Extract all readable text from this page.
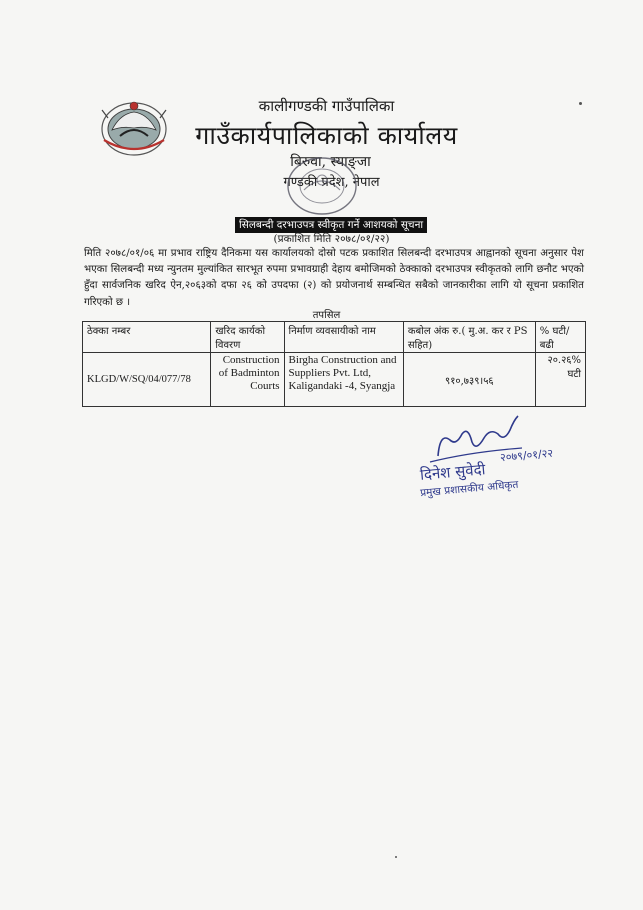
कालीगण्डकी गाउँपालिका
गाउँकार्यपालिकाको कार्यालय
बिरुवा, स्याङ्जा
गण्डकी प्रदेश, नेपाल
सिलबन्दी दरभाउपत्र स्वीकृत गर्ने आशयको सूचना
(प्रकाशित मिति २०७८/०१/२२)
मिति २०७८/०१/०६ मा प्रभाव राष्ट्रिय दैनिकमा यस कार्यालयको दोस्रो पटक प्रकाशित सिलबन्दी दरभाउपत्र आह्वानको सूचना अनुसार पेश भएका सिलबन्दी मध्य न्युनतम मुल्यांकित सारभूत रुपमा प्रभावग्राही देहाय बमोजिमको ठेक्काको दरभाउपत्र स्वीकृतको लागि छनौट भएको हुँदा सार्वजनिक खरिद ऐन,२०६३को दफा २६ को उपदफा (२) को प्रयोजनार्थ सम्बन्धित सबैको जानकारीका लागि यो सूचना प्रकाशित गरिएको छ ।
तपसिल
ठेक्का नम्बर	खरिद कार्यको विवरण	निर्माण व्यवसायीको नाम	कबोल अंक रु.( मु.अ. कर र PS सहित)	% घटी/बढी
KLGD/W/SQ/04/077/78	Construction of Badminton Courts	Birgha Construction and Suppliers Pvt. Ltd, Kaligandaki -4, Syangja	९१०,७३९।५६	२०.२६% घटी
२०७९/०१/२२
दिनेश सुवेदी
प्रमुख प्रशासकीय अधिकृत
